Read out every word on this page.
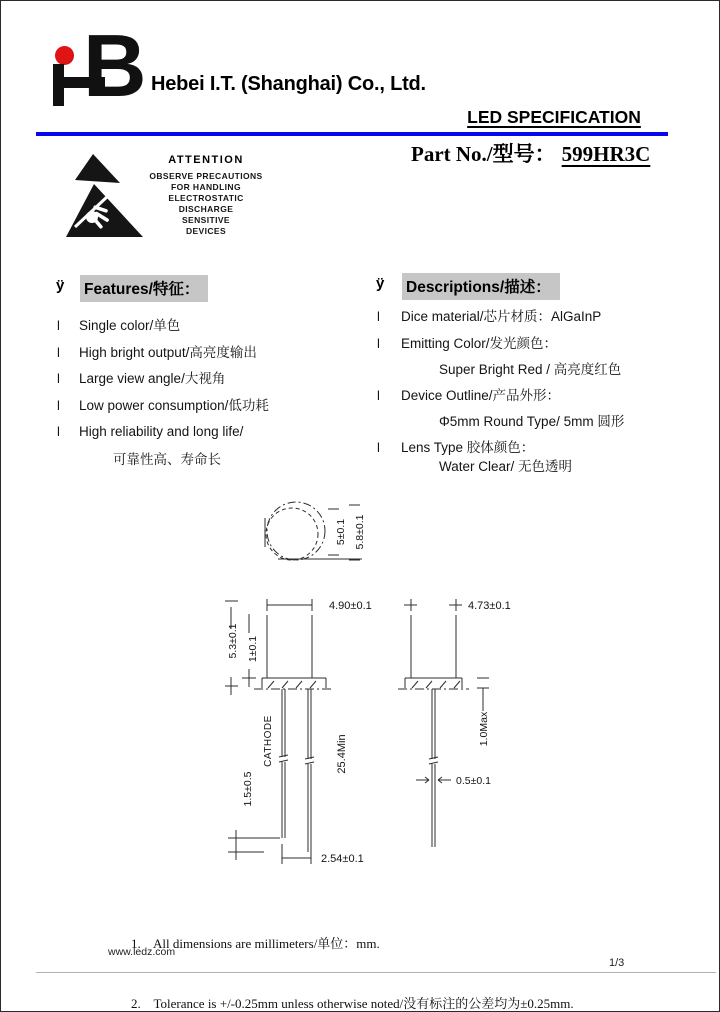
B Hebei I.T. (Shanghai) Co., Ltd.
LED SPECIFICATION
Part No./型号： 599HR3C
ATTENTION
OBSERVE PRECAUTIONS
FOR HANDLING
ELECTROSTATIC
DISCHARGE
SENSITIVE
DEVICES
ÿ	Features/特征：
l Single color/单色
l High bright output/高亮度输出
l Large view angle/大视角
l Low power consumption/低功耗
l High reliability and long life/
可靠性高、寿命长
ÿ	Descriptions/描述：
l Dice material/芯片材质：AlGaInP
l Emitting Color/发光颜色：
Super Bright Red / 高亮度红色
l Device Outline/产品外形：
Φ5mm Round Type/ 5mm 圆形
l Lens Type 胶体颜色：
Water Clear/ 无色透明
5±0.1 5.8±0.1
4.90±0.1
5.3±0.1 1±0.1
CATHODE	25.4Min
1.5±0.5
2.54±0.1
4.73±0.1
1.0Max
0.5±0.1

1.    All dimensions are millimeters/单位：mm.

2.    Tolerance is +/-0.25mm unless otherwise noted/没有标注的公差均为±0.25mm.

www.ledz.com
1/3
